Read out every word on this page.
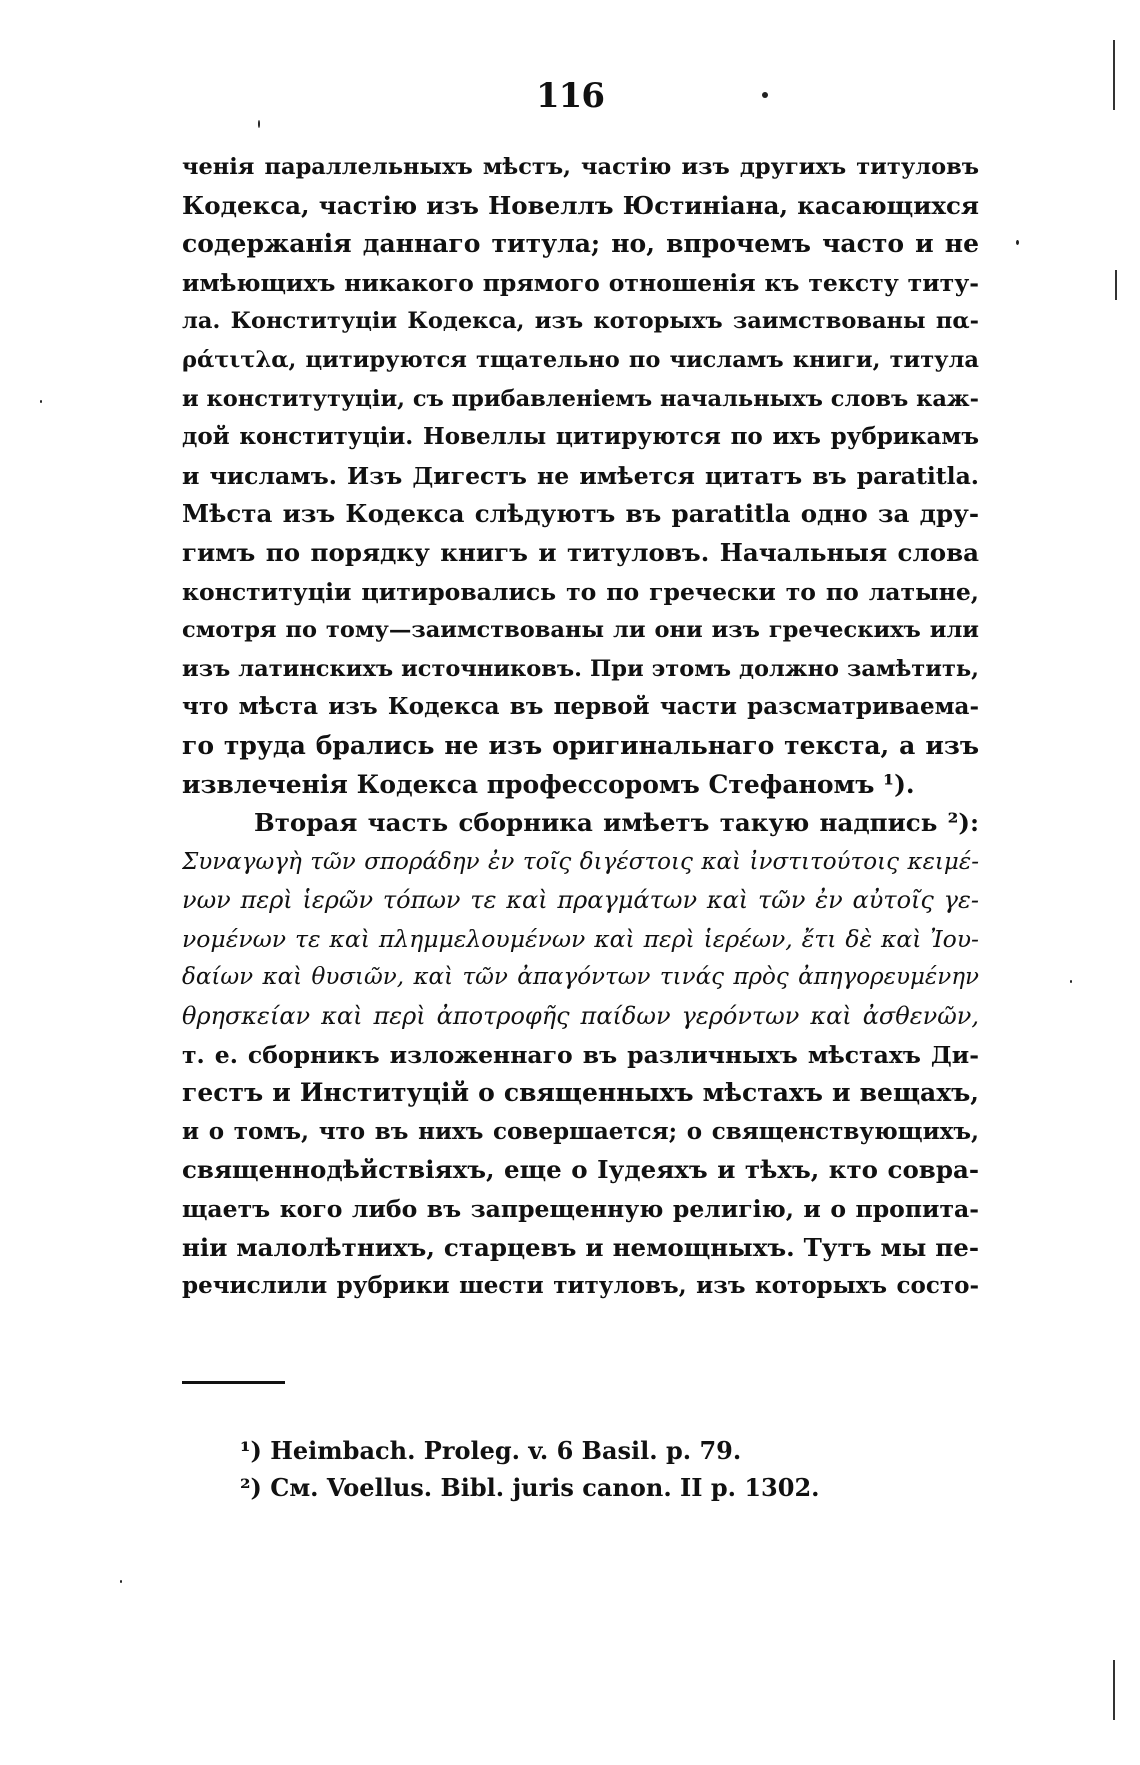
116
ченія параллельныхъ мѣстъ, частію изъ другихъ титуловъ
Кодекса, частію изъ Новеллъ Юстиніана, касающихся
содержанія даннаго титула; но, впрочемъ часто и не
имѣющихъ никакого прямого отношенія къ тексту титу-
ла. Конституціи Кодекса, изъ которыхъ заимствованы πα-
ράτιτλα, цитируются тщательно по числамъ книги, титула
и конститутуціи, съ прибавленіемъ начальныхъ словъ каж-
дой конституціи. Новеллы цитируются по ихъ рубрикамъ
и числамъ. Изъ Дигестъ не имѣется цитатъ въ paratitla.
Мѣста изъ Кодекса слѣдуютъ въ paratitla одно за дру-
гимъ по порядку книгъ и титуловъ. Начальныя слова
конституціи цитировались то по гречески то по латыне,
смотря по тому—заимствованы ли они изъ греческихъ или
изъ латинскихъ источниковъ. При этомъ должно замѣтить,
что мѣста изъ Кодекса въ первой части разсматриваема-
го труда брались не изъ оригинальнаго текста, а изъ
извлеченія Кодекса профессоромъ Стефаномъ ¹).
Вторая часть сборника имѣетъ такую надпись ²):
Συναγωγὴ τῶν σποράδην ἐν τοῖς διγέστοις καὶ ἰνστιτούτοις κειμέ-
νων περὶ ἱερῶν τόπων τε καὶ πραγμάτων καὶ τῶν ἐν αὐτοῖς γε-
νομένων τε καὶ πλημμελουμένων καὶ περὶ ἱερέων, ἔτι δὲ καὶ Ἰου-
δαίων καὶ θυσιῶν, καὶ τῶν ἀπαγόντων τινάς πρὸς ἀπηγορευμένην
θρησκείαν καὶ περὶ ἀποτροφῆς παίδων γερόντων καὶ ἀσθενῶν,
т. е. сборникъ изложеннаго въ различныхъ мѣстахъ Ди-
гестъ и Институцій о священныхъ мѣстахъ и вещахъ,
и о томъ, что въ нихъ совершается; о священствующихъ,
священнодѣйствіяхъ, еще о Іудеяхъ и тѣхъ, кто совра-
щаетъ кого либо въ запрещенную религію, и о пропита-
ніи малолѣтнихъ, старцевъ и немощныхъ. Тутъ мы пе-
речислили рубрики шести титуловъ, изъ которыхъ состо-
¹) Heimbach. Proleg. v. 6 Basil. p. 79.
²) См. Voellus. Bibl. juris canon. II p. 1302.
